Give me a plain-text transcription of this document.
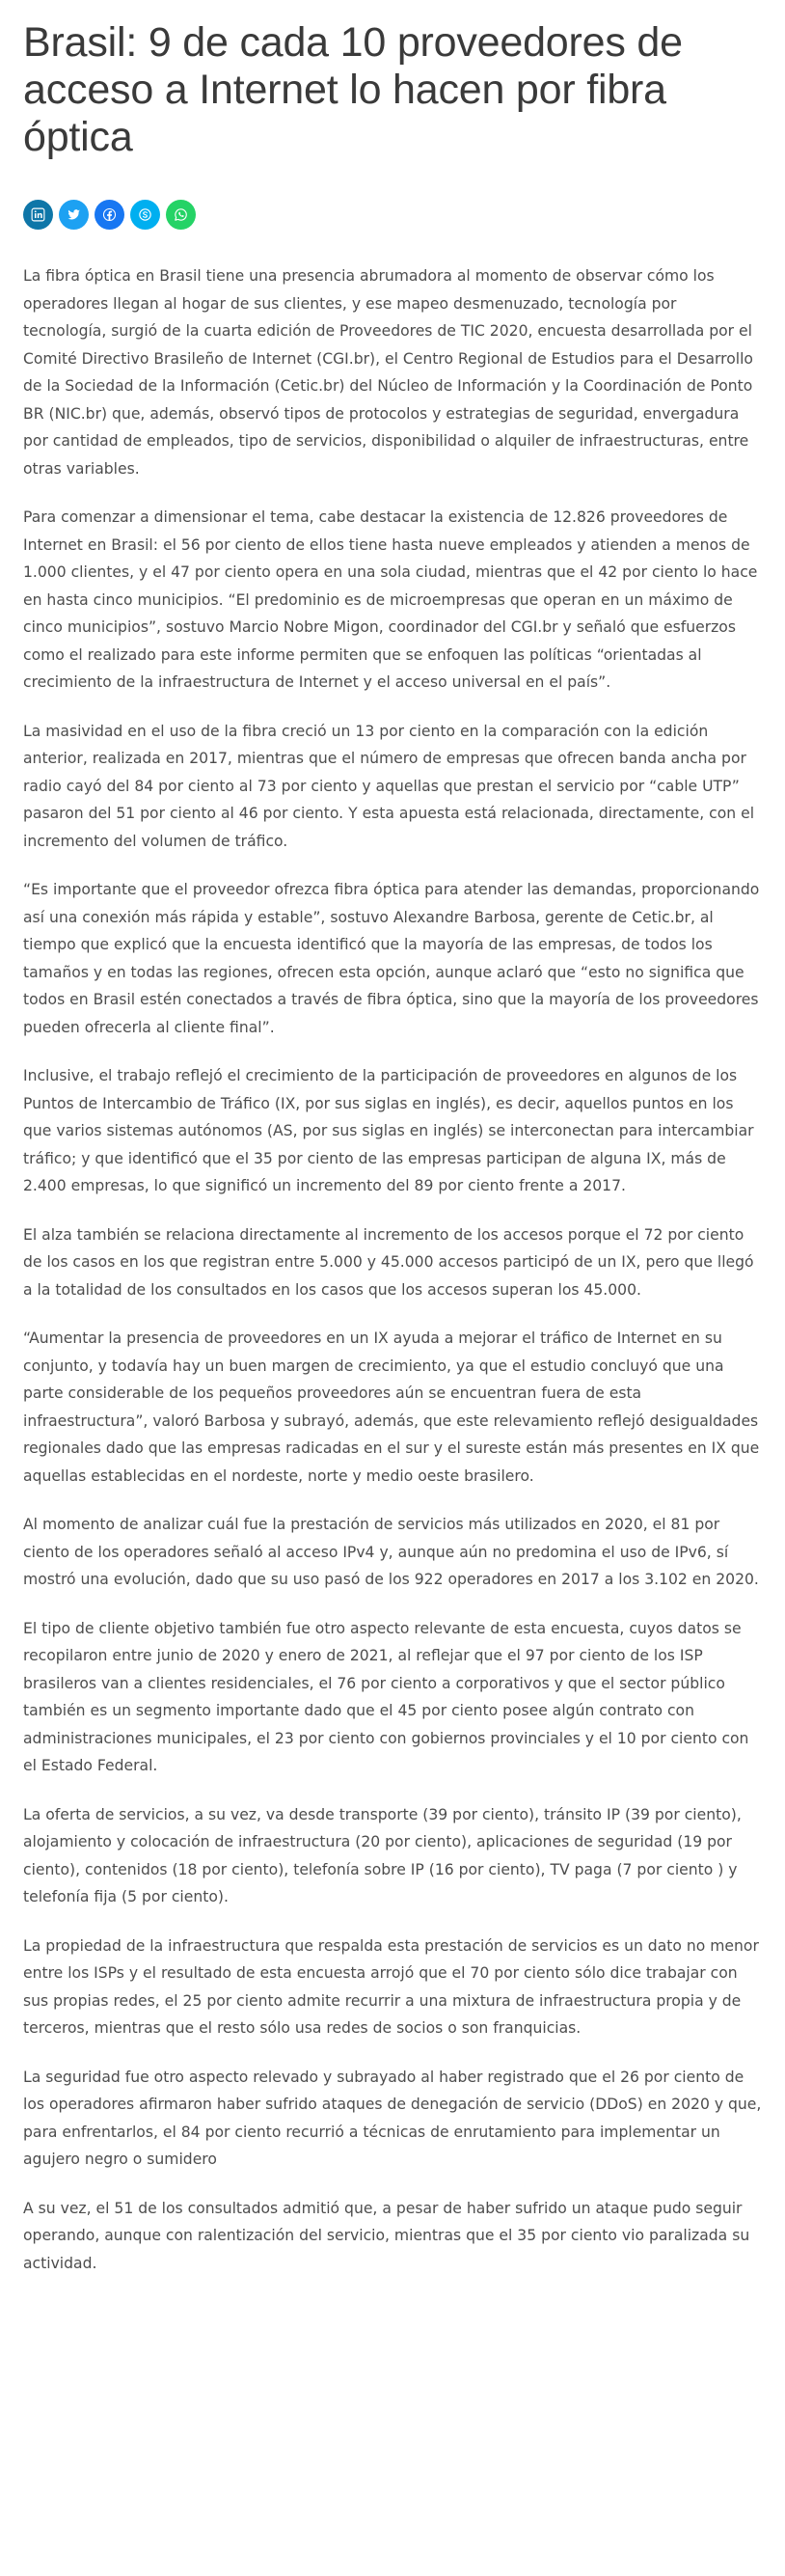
Brasil: 9 de cada 10 proveedores de acceso a Internet lo hacen por fibra óptica

La fibra óptica en Brasil tiene una presencia abrumadora al momento de observar cómo los operadores llegan al hogar de sus clientes, y ese mapeo desmenuzado, tecnología por tecnología, surgió de la cuarta edición de Proveedores de TIC 2020, encuesta desarrollada por el Comité Directivo Brasileño de Internet (CGI.br), el Centro Regional de Estudios para el Desarrollo de la Sociedad de la Información (Cetic.br) del Núcleo de Información y la Coordinación de Ponto BR (NIC.br) que, además, observó tipos de protocolos y estrategias de seguridad, envergadura por cantidad de empleados, tipo de servicios, disponibilidad o alquiler de infraestructuras, entre otras variables.

Para comenzar a dimensionar el tema, cabe destacar la existencia de 12.826 proveedores de Internet en Brasil: el 56 por ciento de ellos tiene hasta nueve empleados y atienden a menos de 1.000 clientes, y el 47 por ciento opera en una sola ciudad, mientras que el 42 por ciento lo hace en hasta cinco municipios. “El predominio es de microempresas que operan en un máximo de cinco municipios”, sostuvo Marcio Nobre Migon, coordinador del CGI.br y señaló que esfuerzos como el realizado para este informe permiten que se enfoquen las políticas “orientadas al crecimiento de la infraestructura de Internet y el acceso universal en el país”.

La masividad en el uso de la fibra creció un 13 por ciento en la comparación con la edición anterior, realizada en 2017, mientras que el número de empresas que ofrecen banda ancha por radio cayó del 84 por ciento al 73 por ciento y aquellas que prestan el servicio por “cable UTP” pasaron del 51 por ciento al 46 por ciento. Y esta apuesta está relacionada, directamente, con el incremento del volumen de tráfico.

“Es importante que el proveedor ofrezca fibra óptica para atender las demandas, proporcionando así una conexión más rápida y estable”, sostuvo Alexandre Barbosa, gerente de Cetic.br, al tiempo que explicó que la encuesta identificó que la mayoría de las empresas, de todos los tamaños y en todas las regiones, ofrecen esta opción, aunque aclaró que “esto no significa que todos en Brasil estén conectados a través de fibra óptica, sino que la mayoría de los proveedores pueden ofrecerla al cliente final”.

Inclusive, el trabajo reflejó el crecimiento de la participación de proveedores en algunos de los Puntos de Intercambio de Tráfico (IX, por sus siglas en inglés), es decir, aquellos puntos en los que varios sistemas autónomos (AS, por sus siglas en inglés) se interconectan para intercambiar tráfico; y que identificó que el 35 por ciento de las empresas participan de alguna IX, más de 2.400 empresas, lo que significó un incremento del 89 por ciento frente a 2017.

El alza también se relaciona directamente al incremento de los accesos porque el 72 por ciento de los casos en los que registran entre 5.000 y 45.000 accesos participó de un IX, pero que llegó a la totalidad de los consultados en los casos que los accesos superan los 45.000.

“Aumentar la presencia de proveedores en un IX ayuda a mejorar el tráfico de Internet en su conjunto, y todavía hay un buen margen de crecimiento, ya que el estudio concluyó que una parte considerable de los pequeños proveedores aún se encuentran fuera de esta infraestructura”, valoró Barbosa y subrayó, además, que este relevamiento reflejó desigualdades regionales dado que las empresas radicadas en el sur y el sureste están más presentes en IX que aquellas establecidas en el nordeste, norte y medio oeste brasilero.

Al momento de analizar cuál fue la prestación de servicios más utilizados en 2020, el 81 por ciento de los operadores señaló al acceso IPv4 y, aunque aún no predomina el uso de IPv6, sí mostró una evolución, dado que su uso pasó de los 922 operadores en 2017 a los 3.102 en 2020.

El tipo de cliente objetivo también fue otro aspecto relevante de esta encuesta, cuyos datos se recopilaron entre junio de 2020 y enero de 2021, al reflejar que el 97 por ciento de los ISP brasileros van a clientes residenciales, el 76 por ciento a corporativos y que el sector público también es un segmento importante dado que el 45 por ciento posee algún contrato con administraciones municipales, el 23 por ciento con gobiernos provinciales y el 10 por ciento con el Estado Federal.

La oferta de servicios, a su vez, va desde transporte (39 por ciento), tránsito IP (39 por ciento), alojamiento y colocación de infraestructura (20 por ciento), aplicaciones de seguridad (19 por ciento), contenidos (18 por ciento), telefonía sobre IP (16 por ciento), TV paga (7 por ciento ) y telefonía fija (5 por ciento).

La propiedad de la infraestructura que respalda esta prestación de servicios es un dato no menor entre los ISPs y el resultado de esta encuesta arrojó que el 70 por ciento sólo dice trabajar con sus propias redes, el 25 por ciento admite recurrir a una mixtura de infraestructura propia y de terceros, mientras que el resto sólo usa redes de socios o son franquicias.

La seguridad fue otro aspecto relevado y subrayado al haber registrado que el 26 por ciento de los operadores afirmaron haber sufrido ataques de denegación de servicio (DDoS) en 2020 y que, para enfrentarlos, el 84 por ciento recurrió a técnicas de enrutamiento para implementar un agujero negro o sumidero

A su vez, el 51 de los consultados admitió que, a pesar de haber sufrido un ataque pudo seguir operando, aunque con ralentización del servicio, mientras que el 35 por ciento vio paralizada su actividad.
